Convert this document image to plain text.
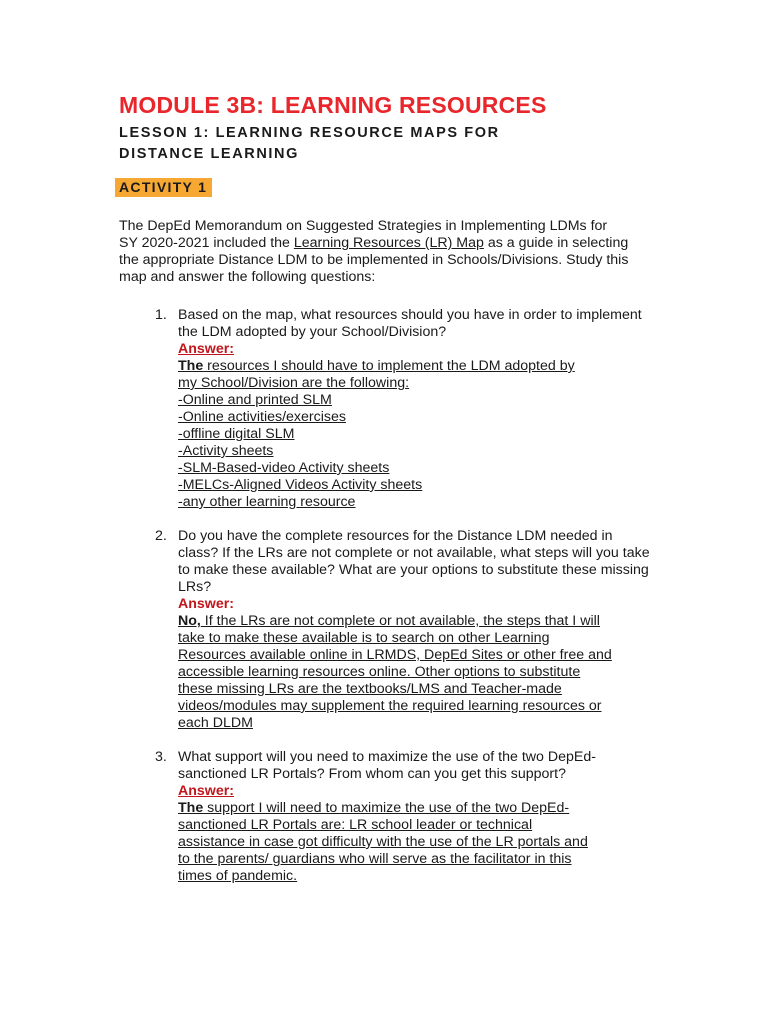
MODULE 3B: LEARNING RESOURCES
LESSON 1: LEARNING RESOURCE MAPS FOR
DISTANCE LEARNING
ACTIVITY 1

The DepEd Memorandum on Suggested Strategies in Implementing LDMs for SY 2020-2021 included the Learning Resources (LR) Map as a guide in selecting the appropriate Distance LDM to be implemented in Schools/Divisions. Study this map and answer the following questions:

1. Based on the map, what resources should you have in order to implement the LDM adopted by your School/Division?
Answer:
The resources I should have to implement the LDM adopted by
my School/Division are the following:
-Online and printed SLM
-Online activities/exercises
-offline digital SLM
-Activity sheets
-SLM-Based-video Activity sheets
-MELCs-Aligned Videos Activity sheets
-any other learning resource
2. Do you have the complete resources for the Distance LDM needed in class? If the LRs are not complete or not available, what steps will you take to make these available? What are your options to substitute these missing LRs?
Answer:
No, If the LRs are not complete or not available, the steps that I will
take to make these available is to search on other Learning
Resources available online in LRMDS, DepEd Sites or other free and
accessible learning resources online. Other options to substitute
these missing LRs are the textbooks/LMS and Teacher-made
videos/modules may supplement the required learning resources or
each DLDM
3. What support will you need to maximize the use of the two DepEd-sanctioned LR Portals? From whom can you get this support?
Answer:
The support I will need to maximize the use of the two DepEd-
sanctioned LR Portals are: LR school leader or technical
assistance in case got difficulty with the use of the LR portals and
to the parents/ guardians who will serve as the facilitator in this
times of pandemic.
